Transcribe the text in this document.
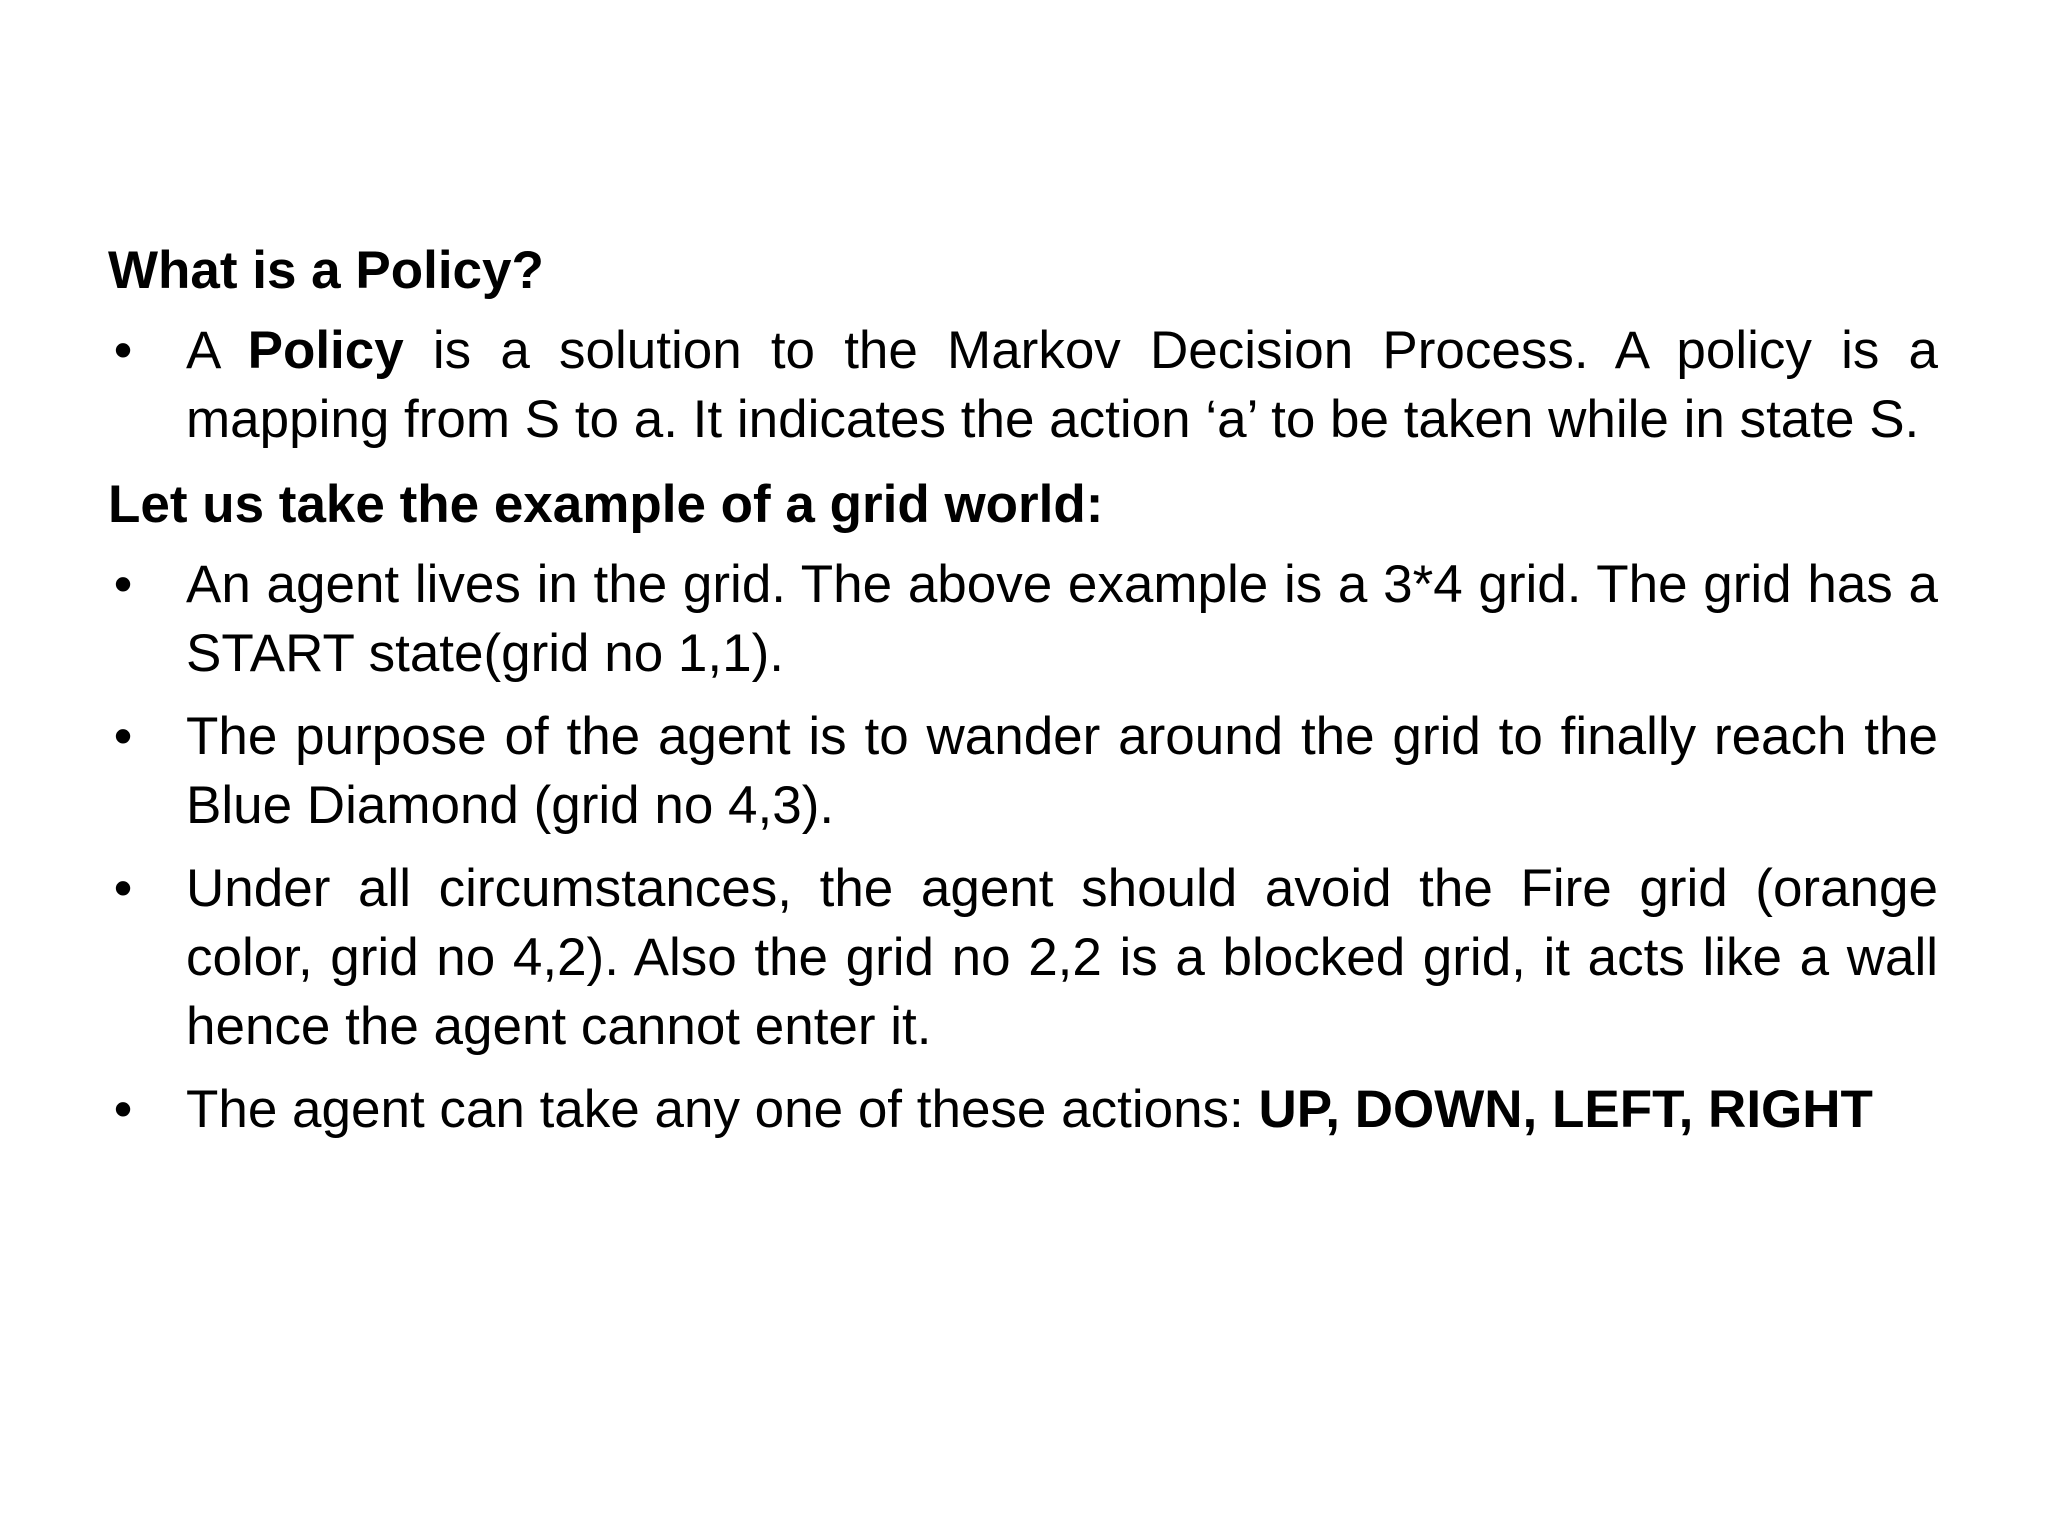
What is a Policy?
• A Policy is a solution to the Markov Decision Process. A policy is a mapping from S to a. It indicates the action ‘a’ to be taken while in state S.
Let us take the example of a grid world:
• An agent lives in the grid. The above example is a 3*4 grid. The grid has a START state(grid no 1,1).
• The purpose of the agent is to wander around the grid to finally reach the Blue Diamond (grid no 4,3).
• Under all circumstances, the agent should avoid the Fire grid (orange color, grid no 4,2). Also the grid no 2,2 is a blocked grid, it acts like a wall hence the agent cannot enter it.
• The agent can take any one of these actions: UP, DOWN, LEFT, RIGHT
